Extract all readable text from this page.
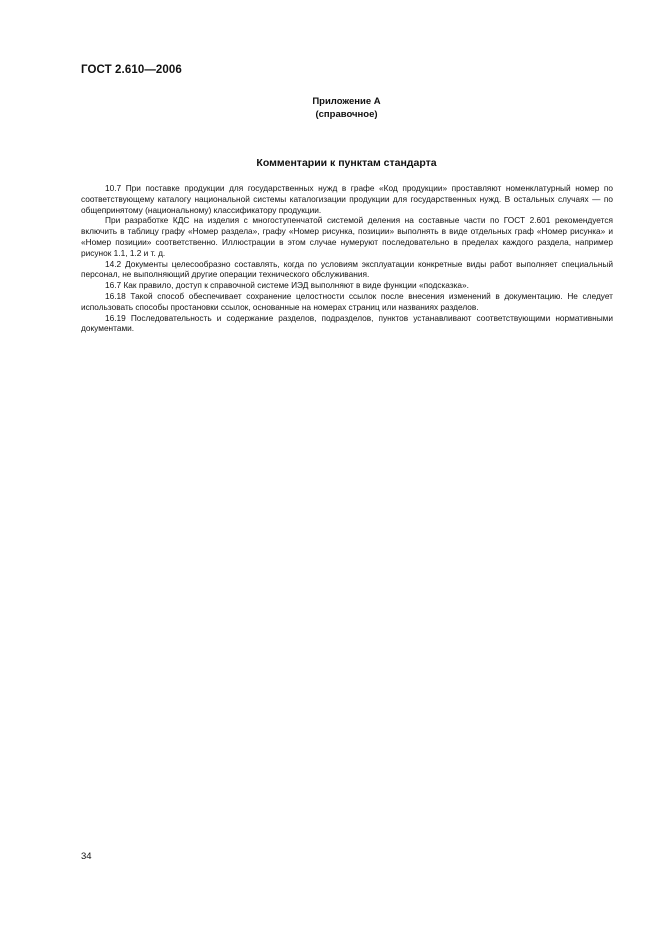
ГОСТ 2.610—2006
Приложение А
(справочное)
Комментарии к пунктам стандарта

10.7 При поставке продукции для государственных нужд в графе «Код продукции» проставляют номенклатурный номер по соответствующему каталогу национальной системы каталогизации продукции для государственных нужд. В остальных случаях — по общепринятому (национальному) классификатору продукции.

При разработке КДС на изделия с многоступенчатой системой деления на составные части по ГОСТ 2.601 рекомендуется включить в таблицу графу «Номер раздела», графу «Номер рисунка, позиции» выполнять в виде отдельных граф «Номер рисунка» и «Номер позиции» соответственно. Иллюстрации в этом случае нумеруют последовательно в пределах каждого раздела, например рисунок 1.1, 1.2 и т. д.

14.2 Документы целесообразно составлять, когда по условиям эксплуатации конкретные виды работ выполняет специальный персонал, не выполняющий другие операции технического обслуживания.

16.7 Как правило, доступ к справочной системе ИЭД выполняют в виде функции «подсказка».

16.18 Такой способ обеспечивает сохранение целостности ссылок после внесения изменений в документацию. Не следует использовать способы простановки ссылок, основанные на номерах страниц или названиях разделов.

16.19 Последовательность и содержание разделов, подразделов, пунктов устанавливают соответствующими нормативными документами.

34
